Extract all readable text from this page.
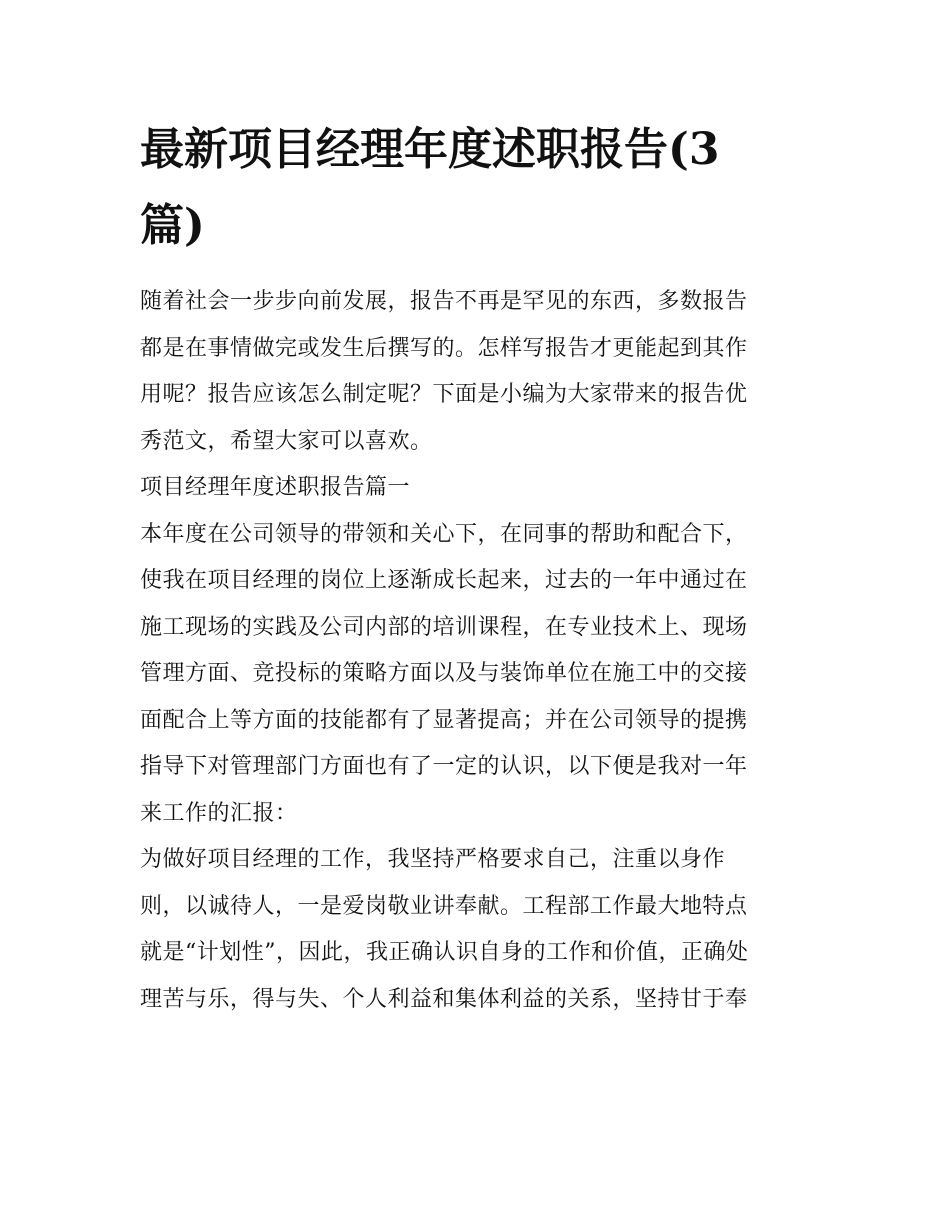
最新项目经理年度述职报告(3
篇)
随着社会一步步向前发展，报告不再是罕见的东西，多数报告
都是在事情做完或发生后撰写的。怎样写报告才更能起到其作
用呢？报告应该怎么制定呢？下面是小编为大家带来的报告优
秀范文，希望大家可以喜欢。
项目经理年度述职报告篇一
本年度在公司领导的带领和关心下，在同事的帮助和配合下，
使我在项目经理的岗位上逐渐成长起来，过去的一年中通过在
施工现场的实践及公司内部的培训课程，在专业技术上、现场
管理方面、竞投标的策略方面以及与装饰单位在施工中的交接
面配合上等方面的技能都有了显著提高；并在公司领导的提携
指导下对管理部门方面也有了一定的认识，以下便是我对一年
来工作的汇报：
为做好项目经理的工作，我坚持严格要求自己，注重以身作
则，以诚待人，一是爱岗敬业讲奉献。工程部工作最大地特点
就是“计划性”，因此，我正确认识自身的工作和价值，正确处
理苦与乐，得与失、个人利益和集体利益的关系，坚持甘于奉
